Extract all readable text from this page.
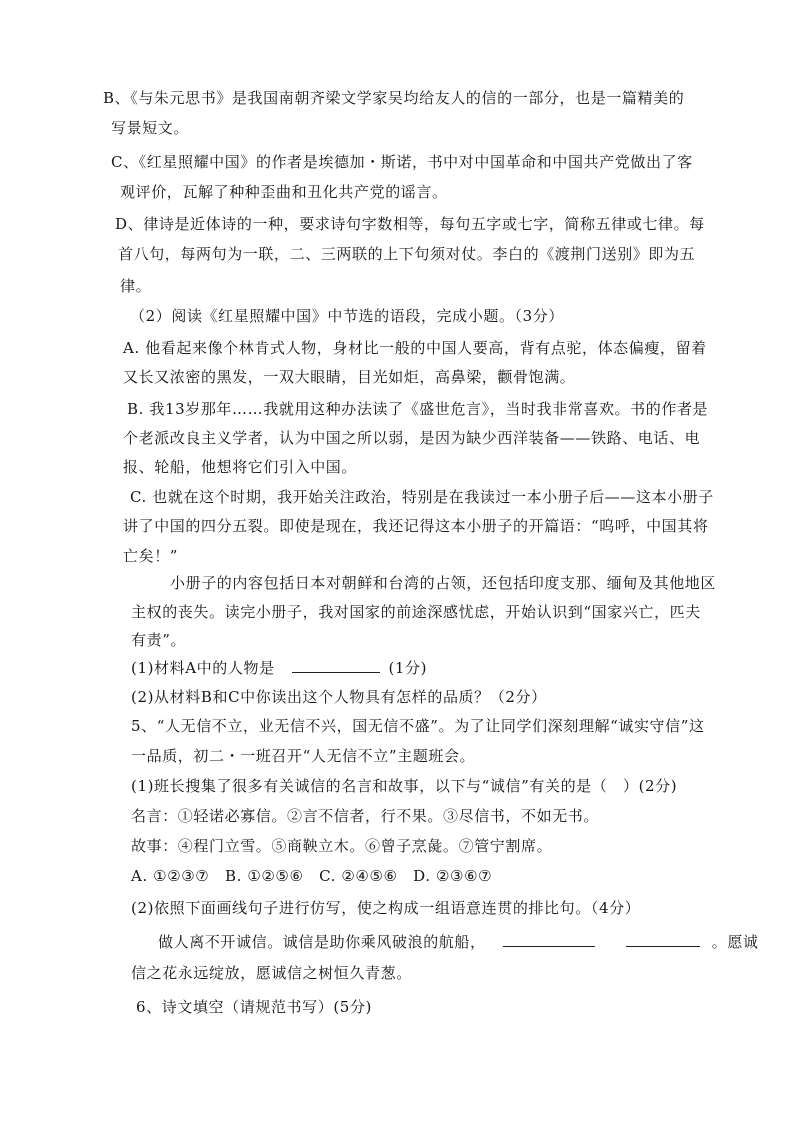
B、《与朱元思书》是我国南朝齐梁文学家吴均给友人的信的一部分，也是一篇精美的
写景短文。
C、《红星照耀中国》的作者是埃德加・斯诺，书中对中国革命和中国共产党做出了客
观评价，瓦解了种种歪曲和丑化共产党的谣言。
D、律诗是近体诗的一种，要求诗句字数相等，每句五字或七字，简称五律或七律。每
首八句，每两句为一联，二、三两联的上下句须对仗。李白的《渡荆门送别》即为五
律。
（2）阅读《红星照耀中国》中节选的语段，完成小题。（3分）
A. 他看起来像个林肯式人物，身材比一般的中国人要高，背有点驼，体态偏瘦，留着
又长又浓密的黑发，一双大眼睛，目光如炬，高鼻梁，颧骨饱满。
B. 我13岁那年……我就用这种办法读了《盛世危言》，当时我非常喜欢。书的作者是
个老派改良主义学者，认为中国之所以弱，是因为缺少西洋装备——铁路、电话、电
报、轮船，他想将它们引入中国。
C. 也就在这个时期，我开始关注政治，特别是在我读过一本小册子后——这本小册子
讲了中国的四分五裂。即使是现在，我还记得这本小册子的开篇语：“呜呼，中国其将
亡矣！”
小册子的内容包括日本对朝鲜和台湾的占领，还包括印度支那、缅甸及其他地区
主权的丧失。读完小册子，我对国家的前途深感忧虑，开始认识到“国家兴亡，匹夫
有责”。
(1)材料A中的人物是	(1分)
(2)从材料B和C中你读出这个人物具有怎样的品质？（2分）
5、“人无信不立，业无信不兴，国无信不盛”。为了让同学们深刻理解“诚实守信”这
一品质，初二・一班召开“人无信不立”主题班会。
(1)班长搜集了很多有关诚信的名言和故事，以下与“诚信”有关的是（　）(2分)
名言：①轻诺必寡信。②言不信者，行不果。③尽信书，不如无书。
故事：④程门立雪。⑤商鞅立木。⑥曾子烹彘。⑦管宁割席。
A. ①②③⑦　B. ①②⑤⑥　C. ②④⑤⑥　D. ②③⑥⑦
(2)依照下面画线句子进行仿写，使之构成一组语意连贯的排比句。（4分）
做人离不开诚信。诚信是助你乘风破浪的航船，	。愿诚
信之花永远绽放，愿诚信之树恒久青葱。
6、诗文填空（请规范书写）(5分)
